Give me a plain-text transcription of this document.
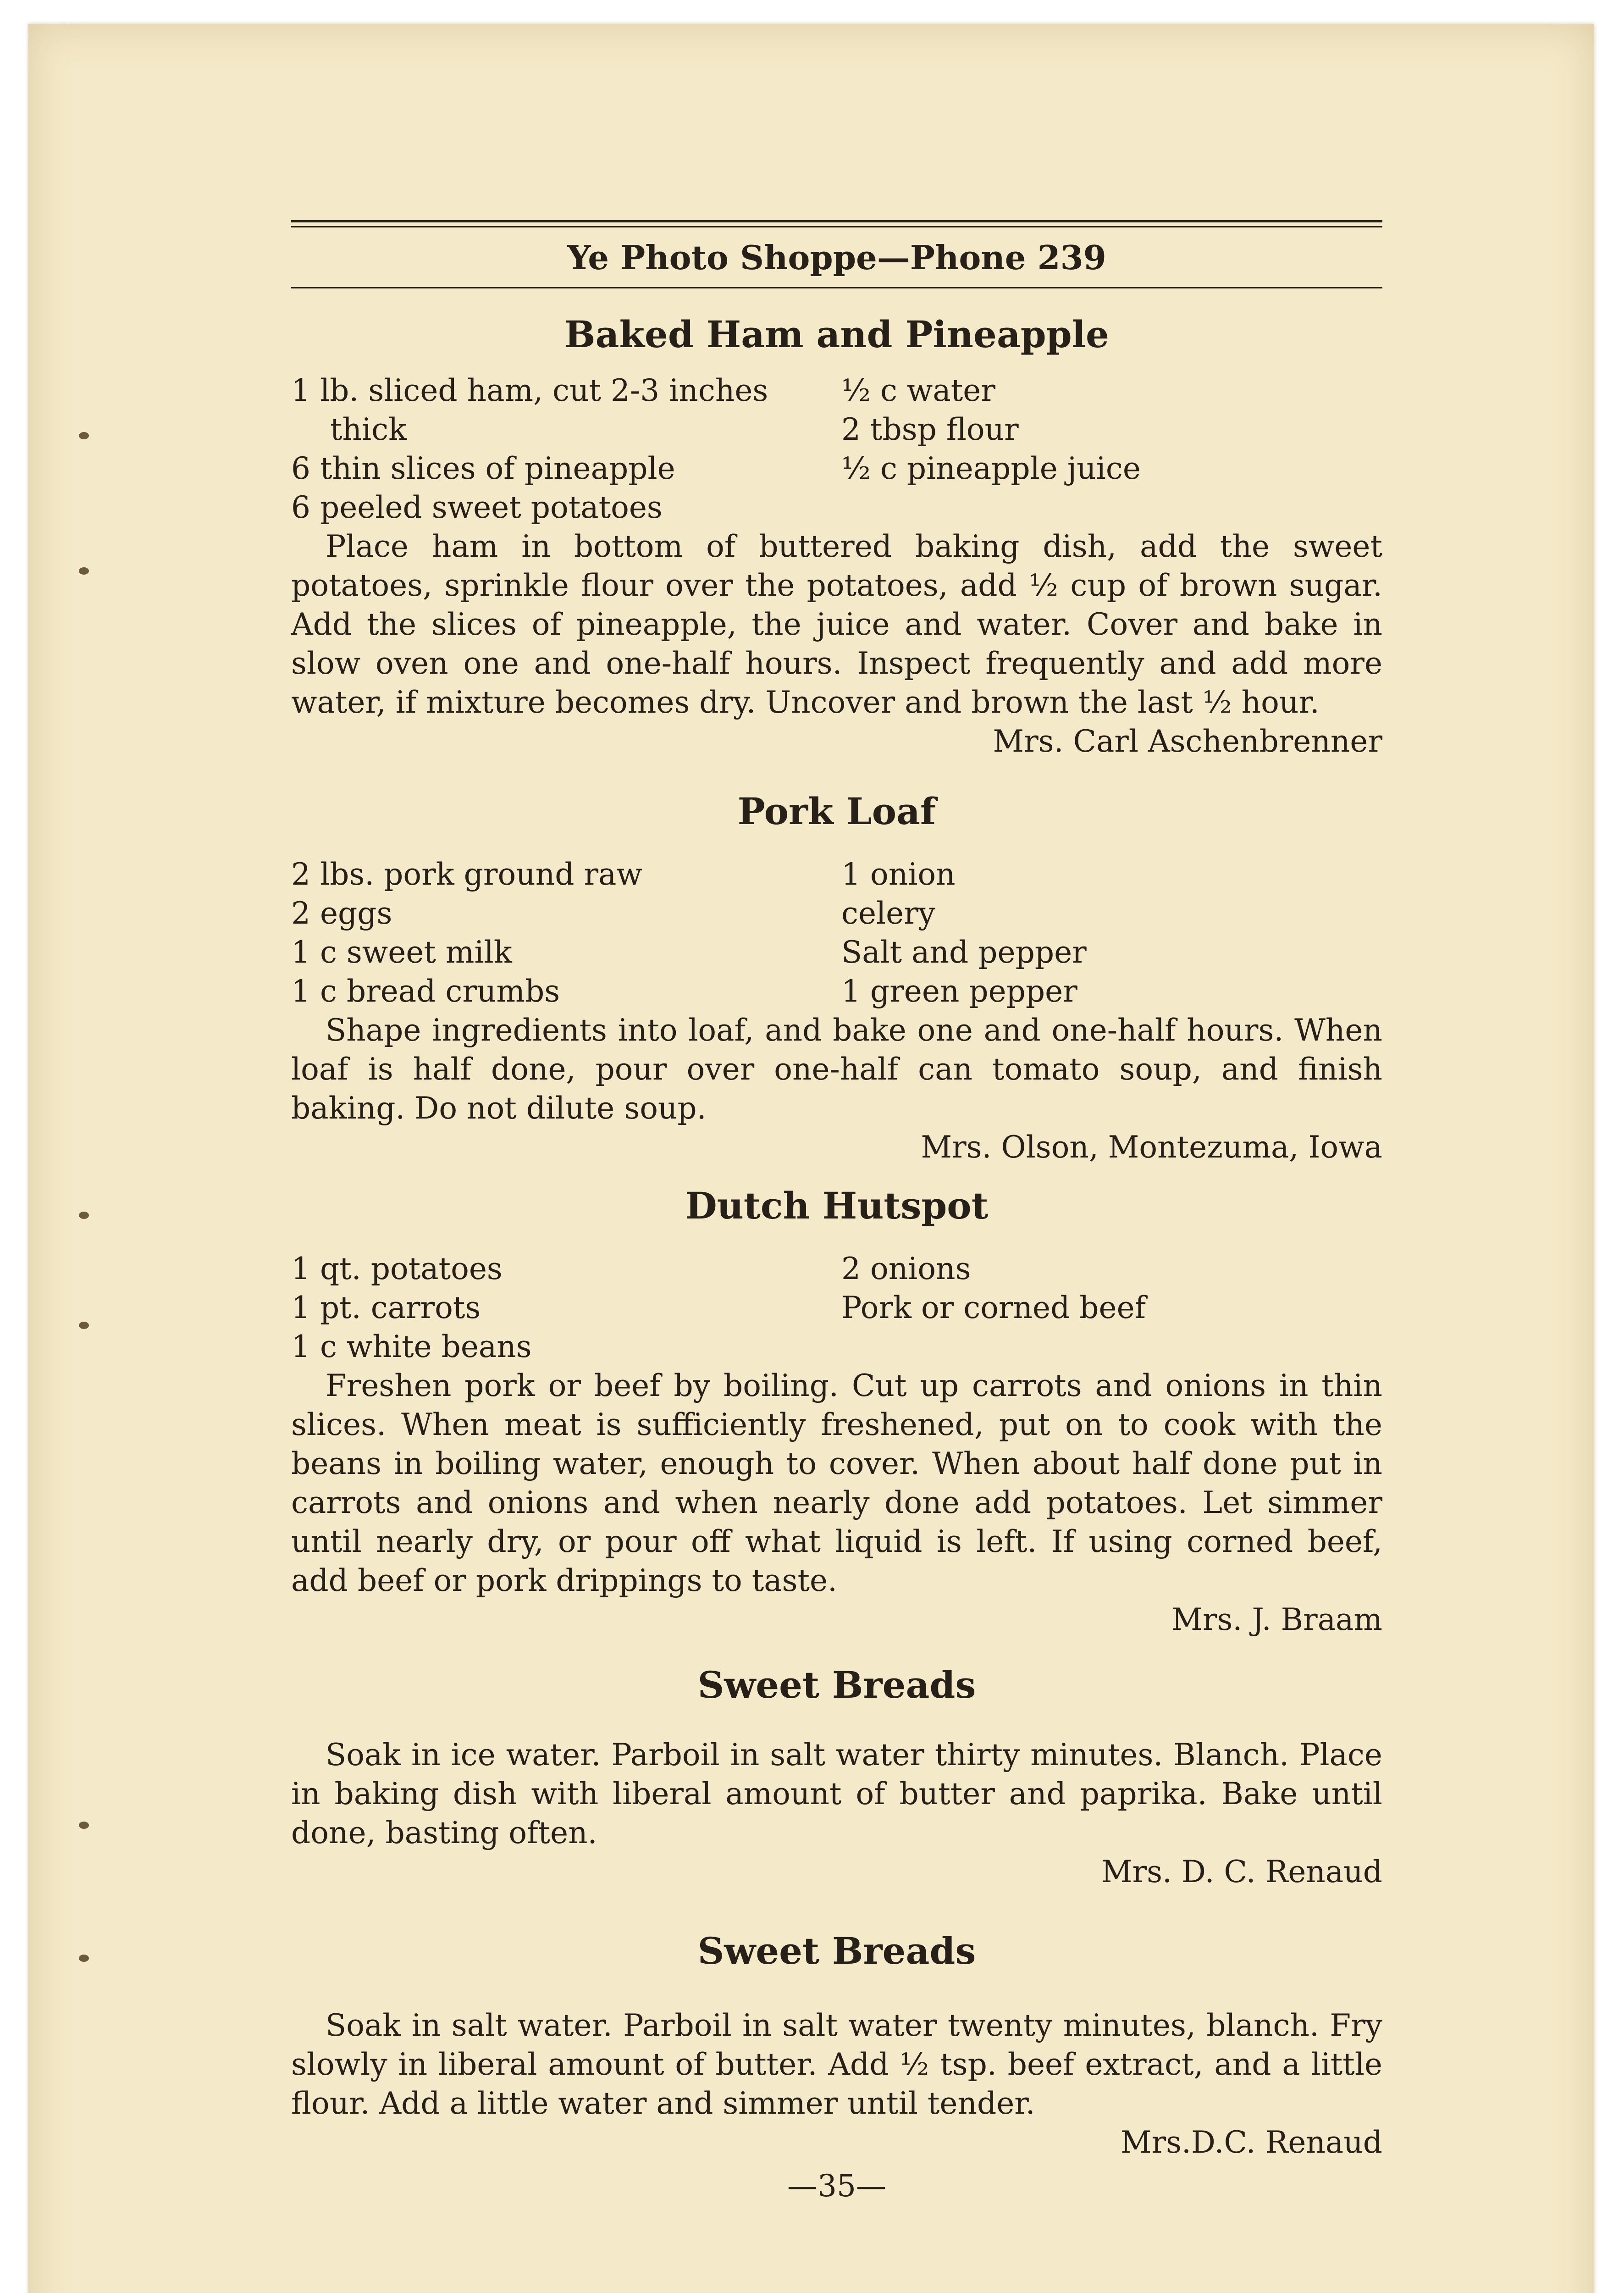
Ye Photo Shoppe—Phone 239
Baked Ham and Pineapple
1 lb. sliced ham, cut 2-3 inches
thick
6 thin slices of pineapple
6 peeled sweet potatoes
½ c water
2 tbsp flour
½ c pineapple juice

Place ham in bottom of buttered baking dish, add the sweet potatoes, sprinkle flour over the potatoes, add ½ cup of brown sugar. Add the slices of pineapple, the juice and water. Cover and bake in slow oven one and one-half hours. Inspect frequently and add more water, if mixture becomes dry. Uncover and brown the last ½ hour.

Mrs. Carl Aschenbrenner

Pork Loaf
2 lbs. pork ground raw
2 eggs
1 c sweet milk
1 c bread crumbs
1 onion
celery
Salt and pepper
1 green pepper

Shape ingredients into loaf, and bake one and one-half hours. When loaf is half done, pour over one-half can tomato soup, and finish baking. Do not dilute soup.

Mrs. Olson, Montezuma, Iowa

Dutch Hutspot
1 qt. potatoes
1 pt. carrots
1 c white beans
2 onions
Pork or corned beef

Freshen pork or beef by boiling. Cut up carrots and onions in thin slices. When meat is sufficiently freshened, put on to cook with the beans in boiling water, enough to cover. When about half done put in carrots and onions and when nearly done add potatoes. Let simmer until nearly dry, or pour off what liquid is left. If using corned beef, add beef or pork drippings to taste.

Mrs. J. Braam

Sweet Breads

Soak in ice water. Parboil in salt water thirty minutes. Blanch. Place in baking dish with liberal amount of butter and paprika. Bake until done, basting often.

Mrs. D. C. Renaud

Sweet Breads

Soak in salt water. Parboil in salt water twenty minutes, blanch. Fry slowly in liberal amount of butter. Add ½ tsp. beef extract, and a little flour. Add a little water and simmer until tender.

Mrs.D.C. Renaud

—35—
